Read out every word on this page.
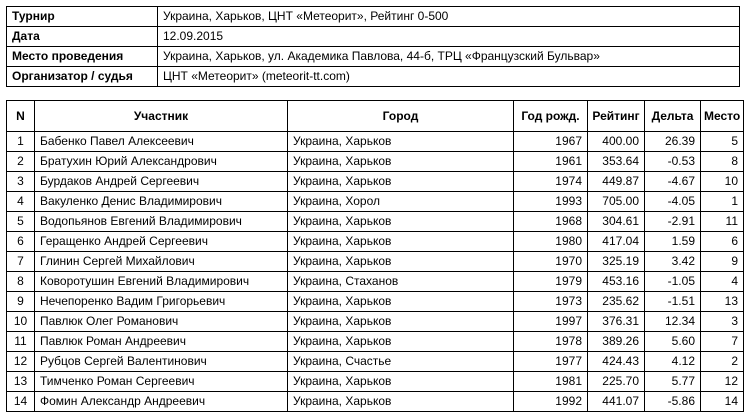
Турнир	Украина, Харьков, ЦНТ «Метеорит», Рейтинг 0-500
Дата	12.09.2015
Место проведения	Украина, Харьков, ул. Академика Павлова, 44-б, ТРЦ «Французский Бульвар»
Организатор / судья	ЦНТ «Метеорит» (meteorit-tt.com)
N	Участник	Город	Год рожд.	Рейтинг	Дельта	Место
1	Бабенко Павел Алексеевич	Украина, Харьков	1967	400.00	26.39	5
2	Братухин Юрий Александрович	Украина, Харьков	1961	353.64	-0.53	8
3	Бурдаков Андрей Сергеевич	Украина, Харьков	1974	449.87	-4.67	10
4	Вакуленко Денис Владимирович	Украина, Хорол	1993	705.00	-4.05	1
5	Водопьянов Евгений Владимирович	Украина, Харьков	1968	304.61	-2.91	11
6	Геращенко Андрей Сергеевич	Украина, Харьков	1980	417.04	1.59	6
7	Глинин Сергей Михайлович	Украина, Харьков	1970	325.19	3.42	9
8	Коворотушин Евгений Владимирович	Украина, Стаханов	1979	453.16	-1.05	4
9	Нечепоренко Вадим Григорьевич	Украина, Харьков	1973	235.62	-1.51	13
10	Павлюк Олег Романович	Украина, Харьков	1997	376.31	12.34	3
11	Павлюк Роман Андреевич	Украина, Харьков	1978	389.26	5.60	7
12	Рубцов Сергей Валентинович	Украина, Счастье	1977	424.43	4.12	2
13	Тимченко Роман Сергеевич	Украина, Харьков	1981	225.70	5.77	12
14	Фомин Александр Андреевич	Украина, Харьков	1992	441.07	-5.86	14
